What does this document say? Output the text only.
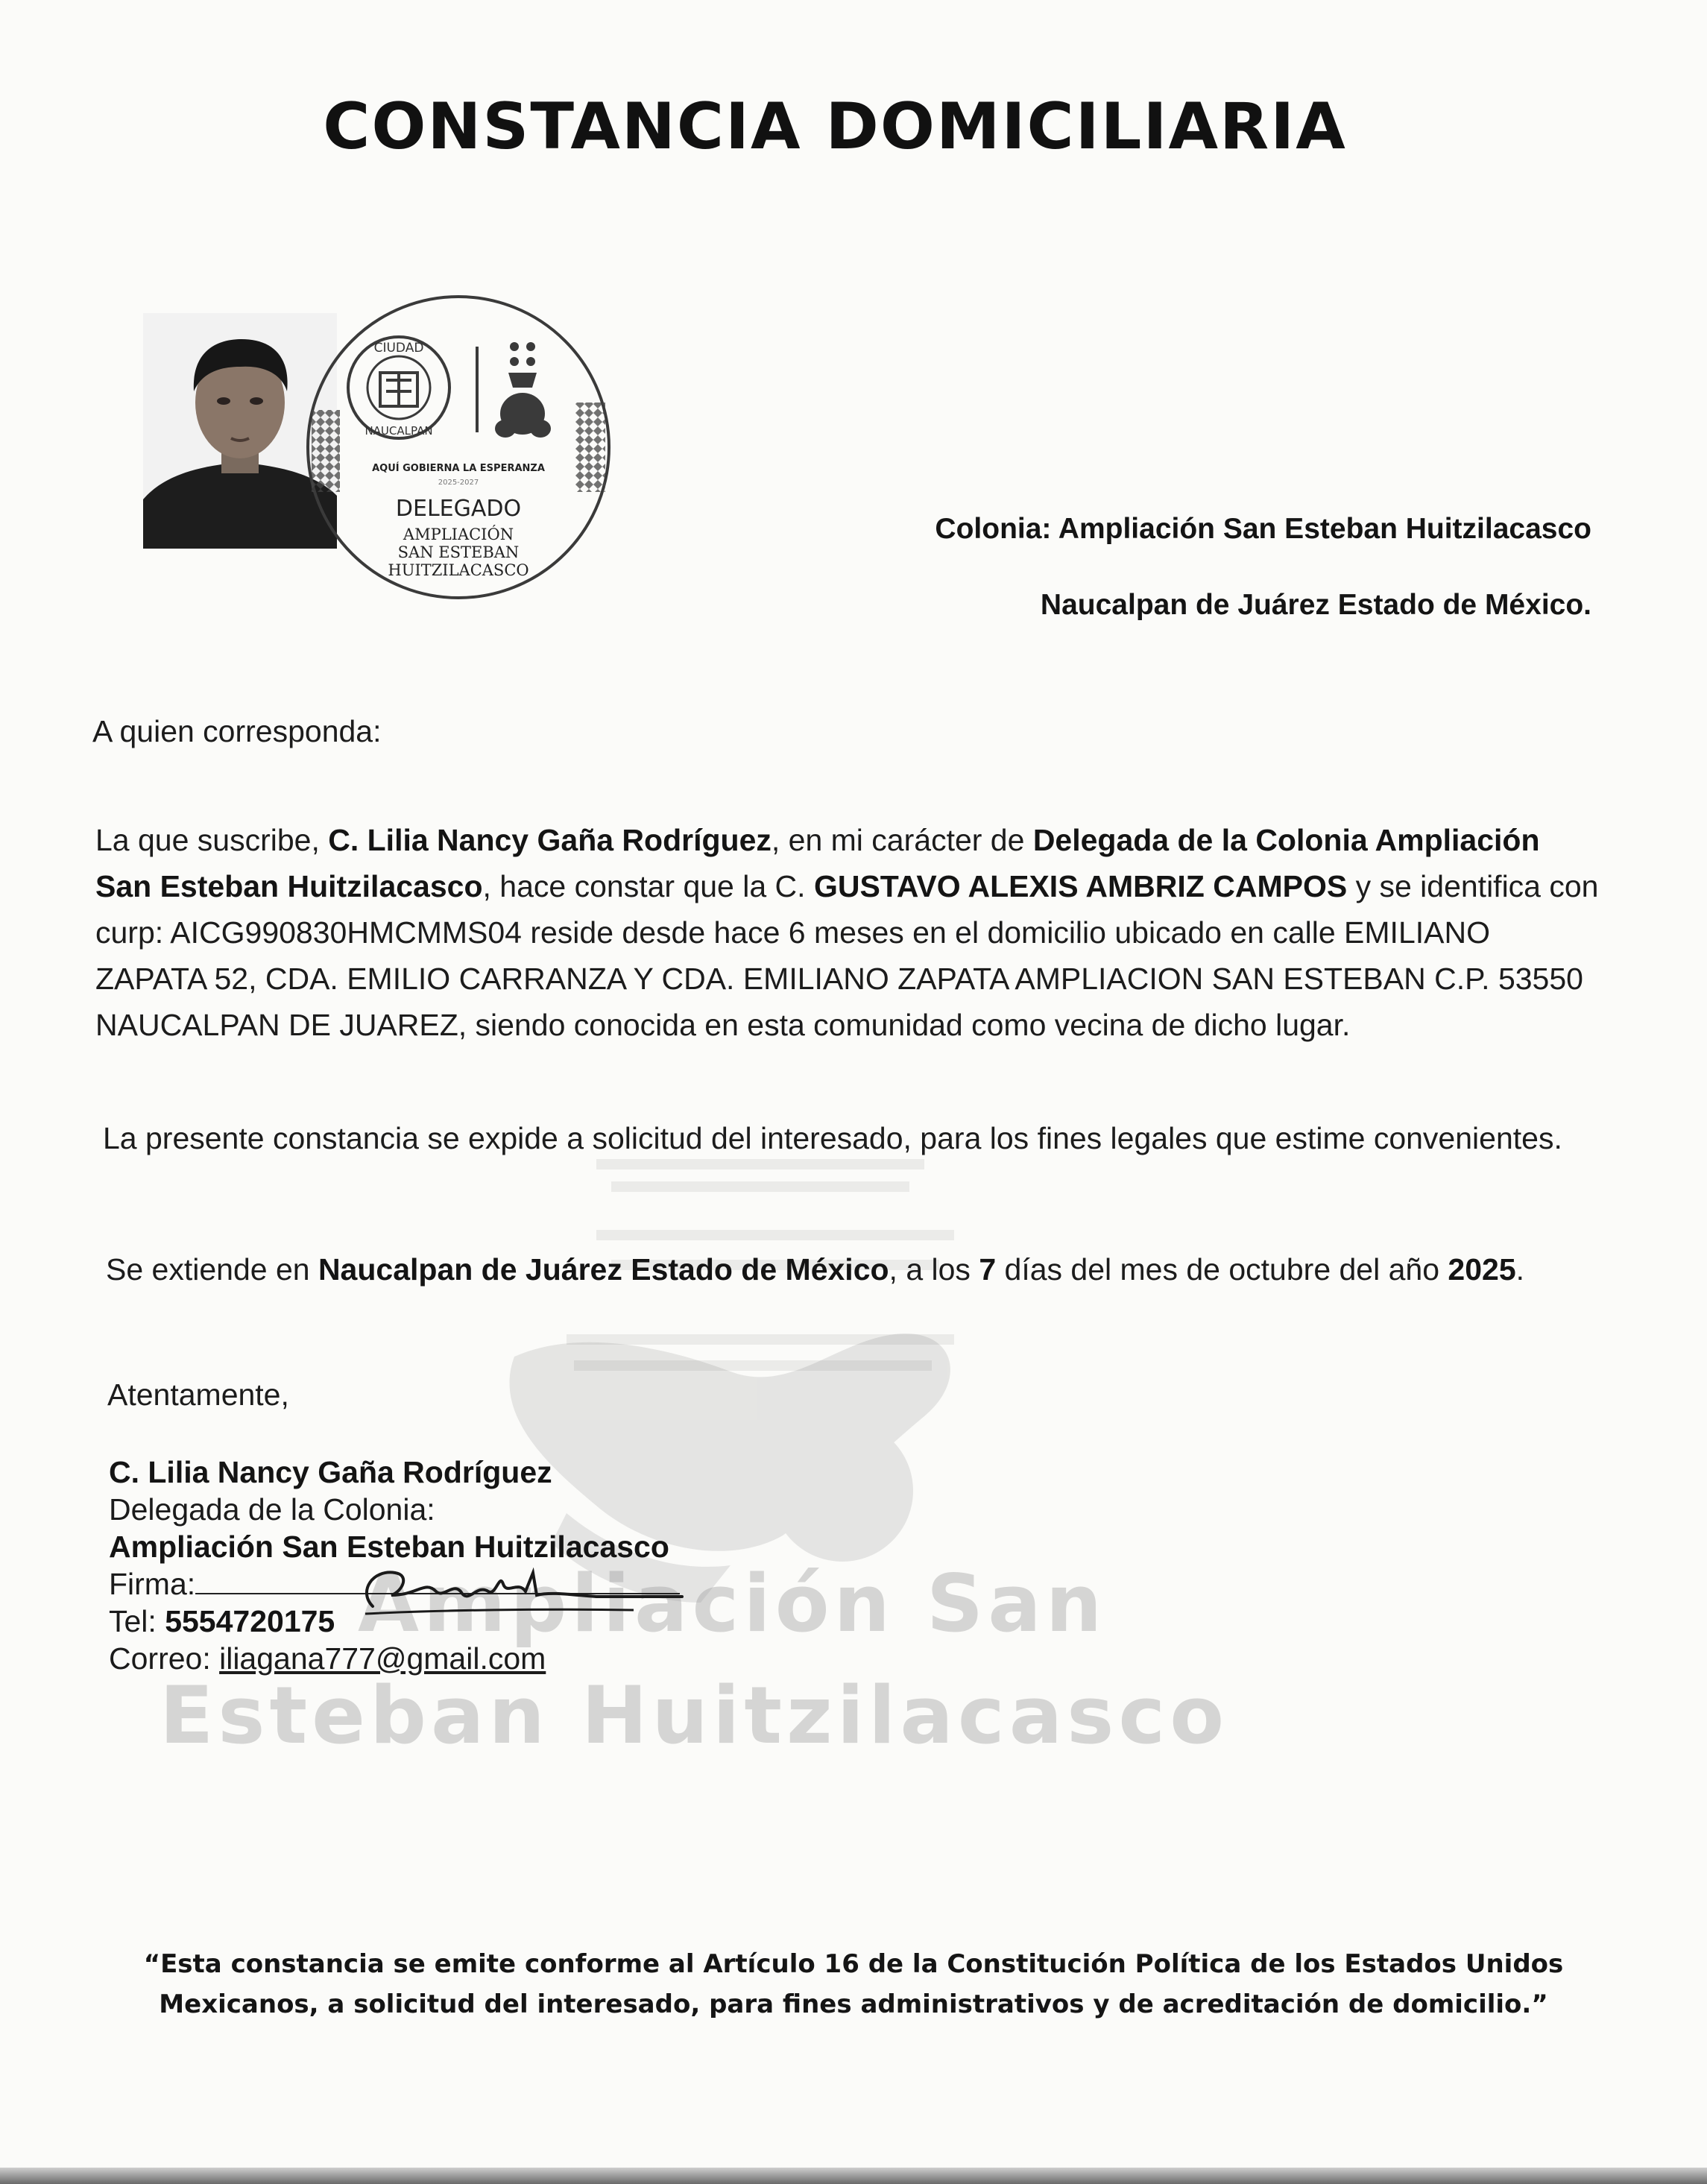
Ampliación San
Esteban Huitzilacasco
CONSTANCIA DOMICILIARIA
CIUDAD
NAUCALPAN
AQUÍ GOBIERNA LA ESPERANZA
2025-2027
DELEGADO
AMPLIACIÓN
SAN ESTEBAN
HUITZILACASCO
Colonia: Ampliación San Esteban Huitzilacasco
Naucalpan de Juárez Estado de México.
A quien corresponda:
La que suscribe, C. Lilia Nancy Gaña Rodríguez, en mi carácter de Delegada de la Colonia Ampliación San Esteban Huitzilacasco, hace constar que la C. GUSTAVO ALEXIS AMBRIZ CAMPOS y se identifica con curp: AICG990830HMCMMS04 reside desde hace 6 meses en el domicilio ubicado en calle EMILIANO ZAPATA 52, CDA. EMILIO CARRANZA Y CDA. EMILIANO ZAPATA AMPLIACION SAN ESTEBAN C.P. 53550 NAUCALPAN DE JUAREZ, siendo conocida en esta comunidad como vecina de dicho lugar.
La presente constancia se expide a solicitud del interesado, para los fines legales que estime convenientes.
Se extiende en Naucalpan de Juárez Estado de México, a los 7 días del mes de octubre del año 2025.
Atentamente,
C. Lilia Nancy Gaña Rodríguez
Delegada de la Colonia:
Ampliación San Esteban Huitzilacasco
Firma:
Tel: 5554720175
Correo: iliagana777@gmail.com
“Esta constancia se emite conforme al Artículo 16 de la Constitución Política de los Estados Unidos Mexicanos, a solicitud del interesado, para fines administrativos y de acreditación de domicilio.”
